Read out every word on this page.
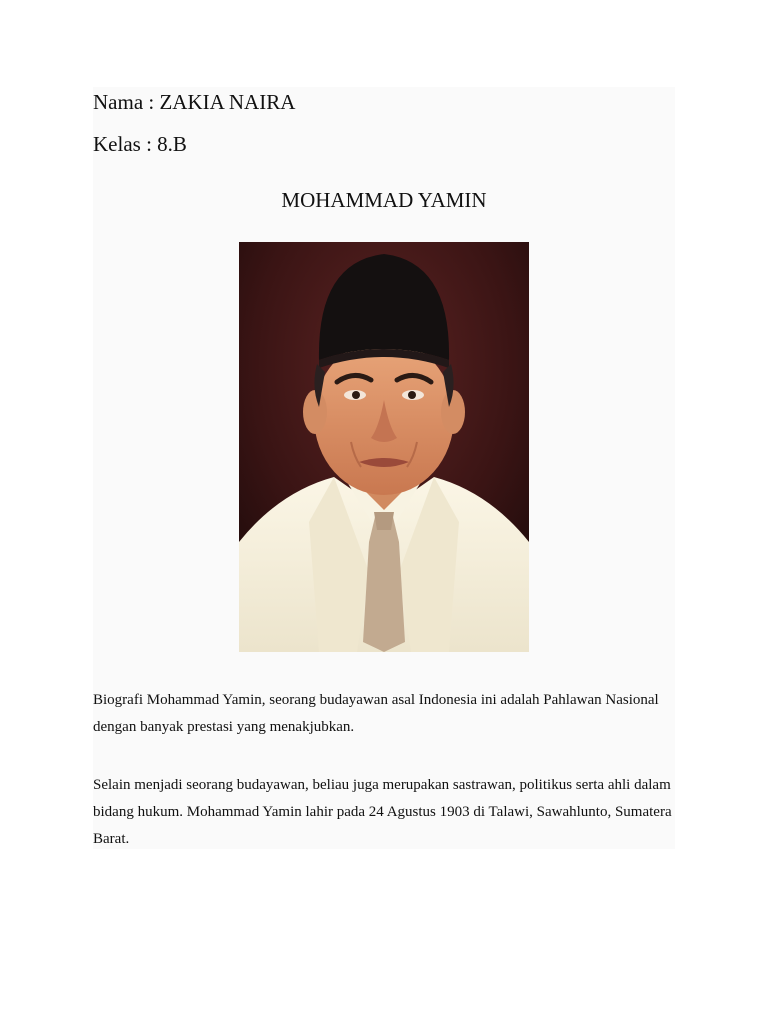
Nama : ZAKIA NAIRA
Kelas : 8.B
MOHAMMAD YAMIN
Biografi Mohammad Yamin, seorang budayawan asal Indonesia ini adalah Pahlawan Nasional dengan banyak prestasi yang menakjubkan.
Selain menjadi seorang budayawan, beliau juga merupakan sastrawan, politikus serta ahli dalam bidang hukum. Mohammad Yamin lahir pada 24 Agustus 1903 di Talawi, Sawahlunto, Sumatera Barat.
